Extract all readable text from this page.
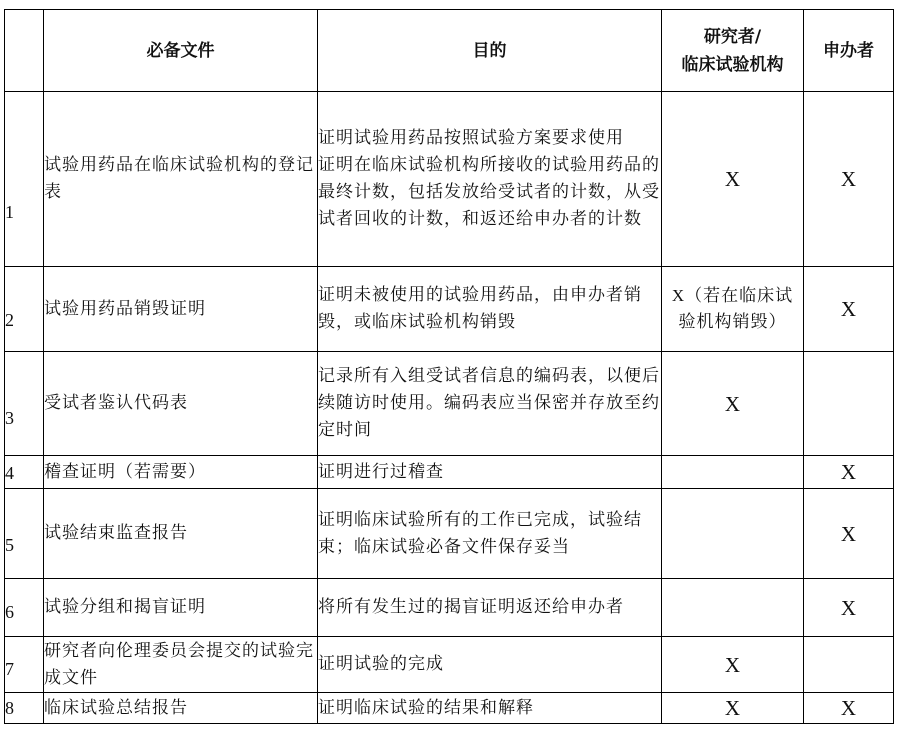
	必备文件	目的	研究者/
临床试验机构	申办者

1	试验用药品在临床试验机构的登记表	证明试验用药品按照试验方案要求使用
证明在临床试验机构所接收的试验用药品的最终计数，包括发放给受试者的计数，从受试者回收的计数，和返还给申办者的计数	X	X

2	试验用药品销毁证明	证明未被使用的试验用药品，由申办者销毁，或临床试验机构销毁	X（若在临床试验机构销毁）	X

3	受试者鉴认代码表	记录所有入组受试者信息的编码表，以便后续随访时使用。编码表应当保密并存放至约定时间	X	

4	稽查证明（若需要）	证明进行过稽查		X

5	试验结束监查报告	证明临床试验所有的工作已完成，试验结束；临床试验必备文件保存妥当		X

6	试验分组和揭盲证明	将所有发生过的揭盲证明返还给申办者		X

7	研究者向伦理委员会提交的试验完成文件	证明试验的完成	X	

8	临床试验总结报告	证明临床试验的结果和解释	X	X
